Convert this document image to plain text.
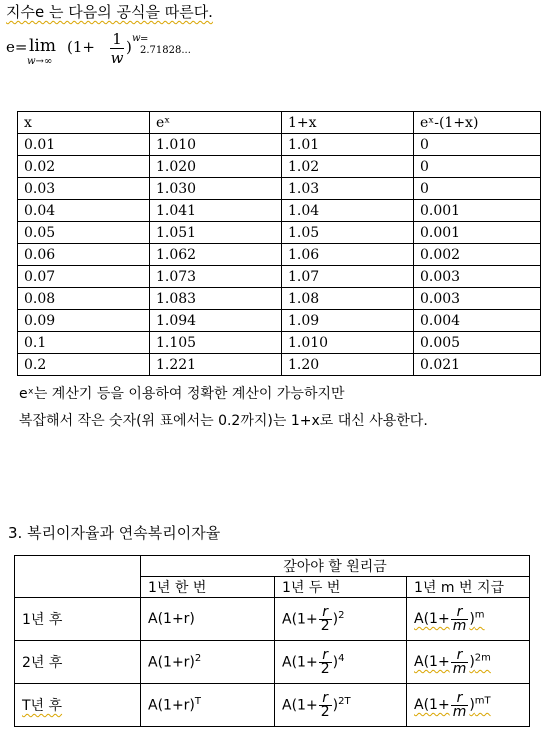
지수e 는 다음의 공식을 따른다.
e= lim
w→∞
(1+ 1
w
) w = 2.71828...
x	eˣ	1+x	eˣ-(1+x)
0.01	1.010	1.01	0
0.02	1.020	1.02	0
0.03	1.030	1.03	0
0.04	1.041	1.04	0.001
0.05	1.051	1.05	0.001
0.06	1.062	1.06	0.002
0.07	1.073	1.07	0.003
0.08	1.083	1.08	0.003
0.09	1.094	1.09	0.004
0.1	1.105	1.010	0.005
0.2	1.221	1.20	0.021
eˣ는 계산기 등을 이용하여 정확한 계산이 가능하지만
복잡해서 작은 숫자(위 표에서는 0.2까지)는 1+x로 대신 사용한다.
3. 복리이자율과 연속복리이자율
	갚아야 할 원리금		
	1년 한 번	1년 두 번	1년 m 번 지급
1년 후	A(1+r)	$A(1+ \frac{r}{2} )^2$	$A(1+ \frac{r}{m} )^m$
2년 후	$A(1+r)^2$	$A(1+ \frac{r}{2} )^4$	$A(1+ \frac{r}{m} )^{2m}$
T년 후	$A(1+r)^T$	$A(1+ \frac{r}{2} )^{2T}$	$A(1+ \frac{r}{m} )^{mT}$
